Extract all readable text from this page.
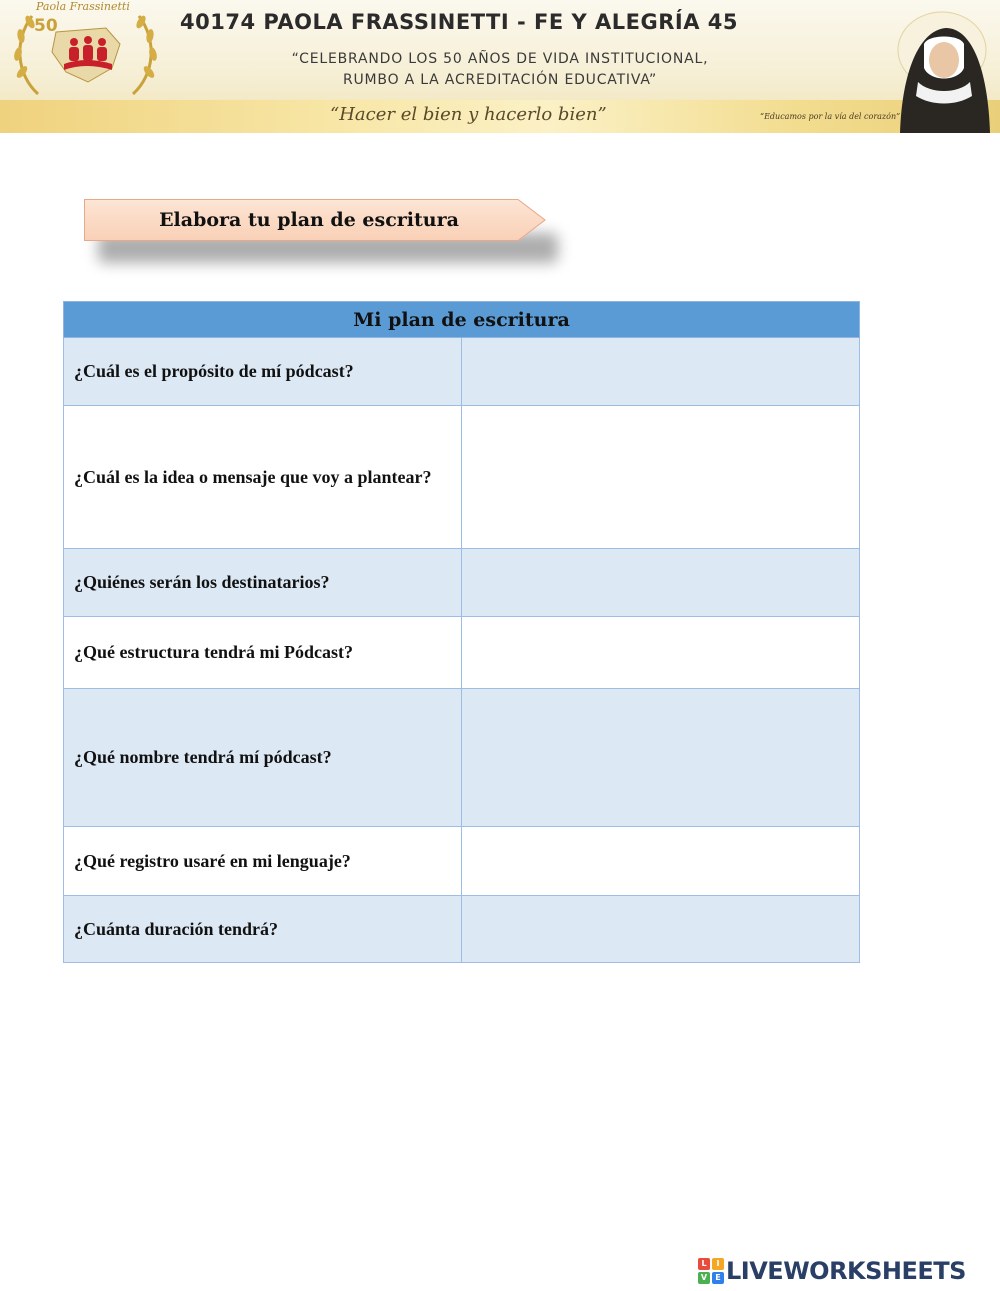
Paola Frassinetti
50	40174 PAOLA FRASSINETTI - FE Y ALEGRÍA 45
“CELEBRANDO LOS 50 AÑOS DE VIDA INSTITUCIONAL,
RUMBO A LA ACREDITACIÓN EDUCATIVA”
“Hacer el bien y hacerlo bien”	“Educamos por la vía del corazón”
Elabora tu plan de escritura
Mi plan de escritura	
¿Cuál es el propósito de mí pódcast?	
¿Cuál es la idea o mensaje que voy a plantear?	
¿Quiénes serán los destinatarios?	
¿Qué estructura tendrá mi Pódcast?	
¿Qué nombre tendrá mí pódcast?	
¿Qué registro usaré en mi lenguaje?	
¿Cuánta duración tendrá?	
L	I
V	E LIVEWORKSHEETS
